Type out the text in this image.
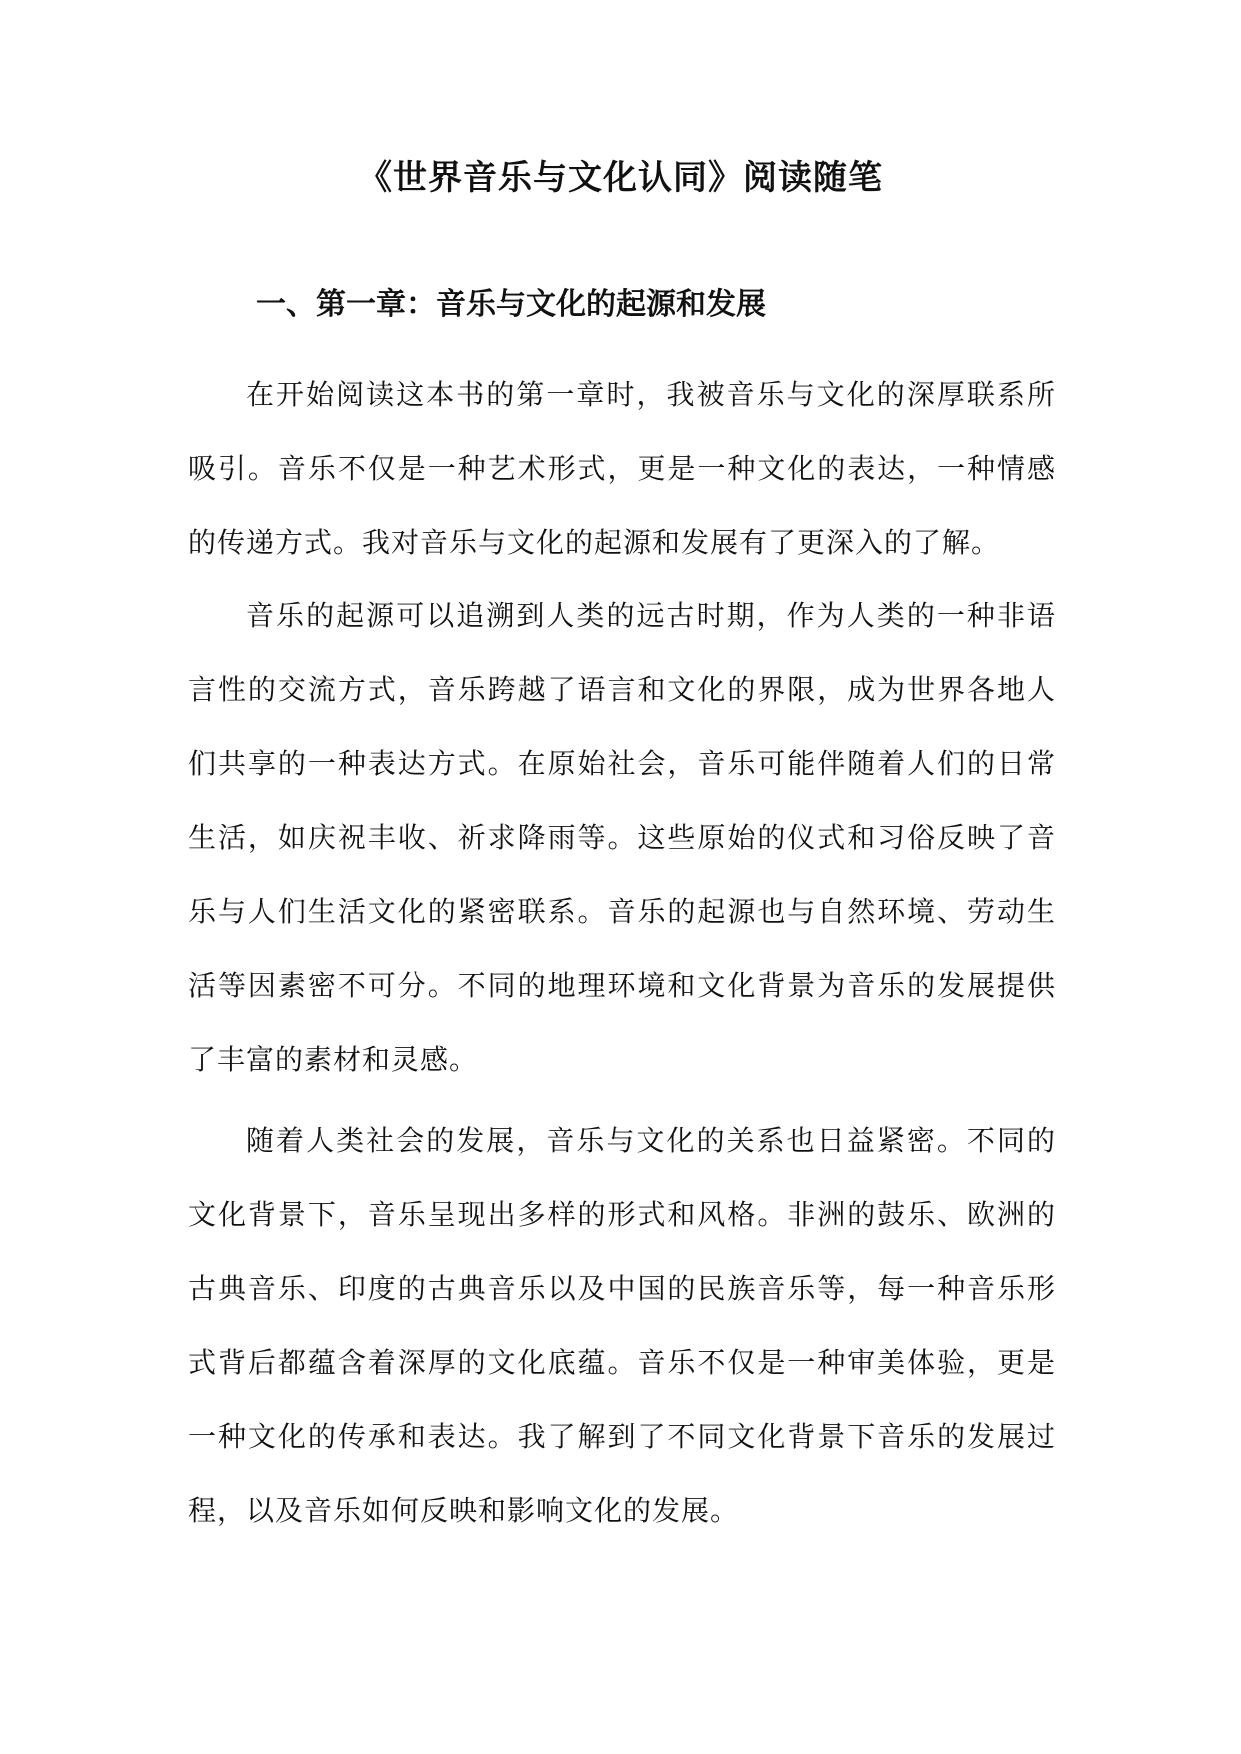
《世界音乐与文化认同》阅读随笔
一、第一章：音乐与文化的起源和发展

在开始阅读这本书的第一章时，我被音乐与文化的深厚联系所吸引。音乐不仅是一种艺术形式，更是一种文化的表达，一种情感的传递方式。我对音乐与文化的起源和发展有了更深入的了解。

音乐的起源可以追溯到人类的远古时期，作为人类的一种非语言性的交流方式，音乐跨越了语言和文化的界限，成为世界各地人们共享的一种表达方式。在原始社会，音乐可能伴随着人们的日常生活，如庆祝丰收、祈求降雨等。这些原始的仪式和习俗反映了音乐与人们生活文化的紧密联系。音乐的起源也与自然环境、劳动生活等因素密不可分。不同的地理环境和文化背景为音乐的发展提供了丰富的素材和灵感。

随着人类社会的发展，音乐与文化的关系也日益紧密。不同的文化背景下，音乐呈现出多样的形式和风格。非洲的鼓乐、欧洲的古典音乐、印度的古典音乐以及中国的民族音乐等，每一种音乐形式背后都蕴含着深厚的文化底蕴。音乐不仅是一种审美体验，更是一种文化的传承和表达。我了解到了不同文化背景下音乐的发展过程，以及音乐如何反映和影响文化的发展。
